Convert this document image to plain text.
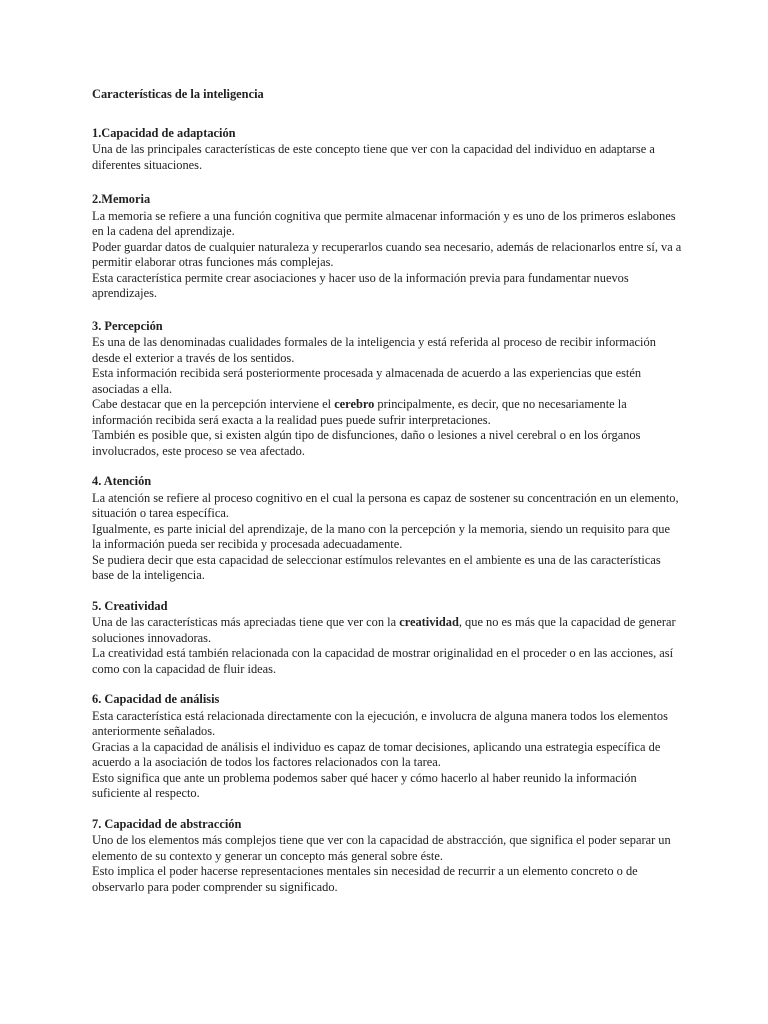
Características de la inteligencia
1.Capacidad de adaptación

Una de las principales características de este concepto tiene que ver con la capacidad del individuo en adaptarse a diferentes situaciones.

2.Memoria

La memoria se refiere a una función cognitiva que permite almacenar información y es uno de los primeros eslabones en la cadena del aprendizaje.

Poder guardar datos de cualquier naturaleza y recuperarlos cuando sea necesario, además de relacionarlos entre sí, va a permitir elaborar otras funciones más complejas.

Esta característica permite crear asociaciones y hacer uso de la información previa para fundamentar nuevos aprendizajes.

3. Percepción

Es una de las denominadas cualidades formales de la inteligencia y está referida al proceso de recibir información desde el exterior a través de los sentidos.

Esta información recibida será posteriormente procesada y almacenada de acuerdo a las experiencias que estén asociadas a ella.

Cabe destacar que en la percepción interviene el cerebro principalmente, es decir, que no necesariamente la información recibida será exacta a la realidad pues puede sufrir interpretaciones.

También es posible que, si existen algún tipo de disfunciones, daño o lesiones a nivel cerebral o en los órganos involucrados, este proceso se vea afectado.

4. Atención

La atención se refiere al proceso cognitivo en el cual la persona es capaz de sostener su concentración en un elemento, situación o tarea específica.

Igualmente, es parte inicial del aprendizaje, de la mano con la percepción y la memoria, siendo un requisito para que la información pueda ser recibida y procesada adecuadamente.

Se pudiera decir que esta capacidad de seleccionar estímulos relevantes en el ambiente es una de las características base de la inteligencia.

5. Creatividad

Una de las características más apreciadas tiene que ver con la creatividad, que no es más que la capacidad de generar soluciones innovadoras.

La creatividad está también relacionada con la capacidad de mostrar originalidad en el proceder o en las acciones, así como con la capacidad de fluir ideas.

6. Capacidad de análisis

Esta característica está relacionada directamente con la ejecución, e involucra de alguna manera todos los elementos anteriormente señalados.

Gracias a la capacidad de análisis el individuo es capaz de tomar decisiones, aplicando una estrategia específica de acuerdo a la asociación de todos los factores relacionados con la tarea.

Esto significa que ante un problema podemos saber qué hacer y cómo hacerlo al haber reunido la información suficiente al respecto.

7. Capacidad de abstracción

Uno de los elementos más complejos tiene que ver con la capacidad de abstracción, que significa el poder separar un elemento de su contexto y generar un concepto más general sobre éste.

Esto implica el poder hacerse representaciones mentales sin necesidad de recurrir a un elemento concreto o de observarlo para poder comprender su significado.
